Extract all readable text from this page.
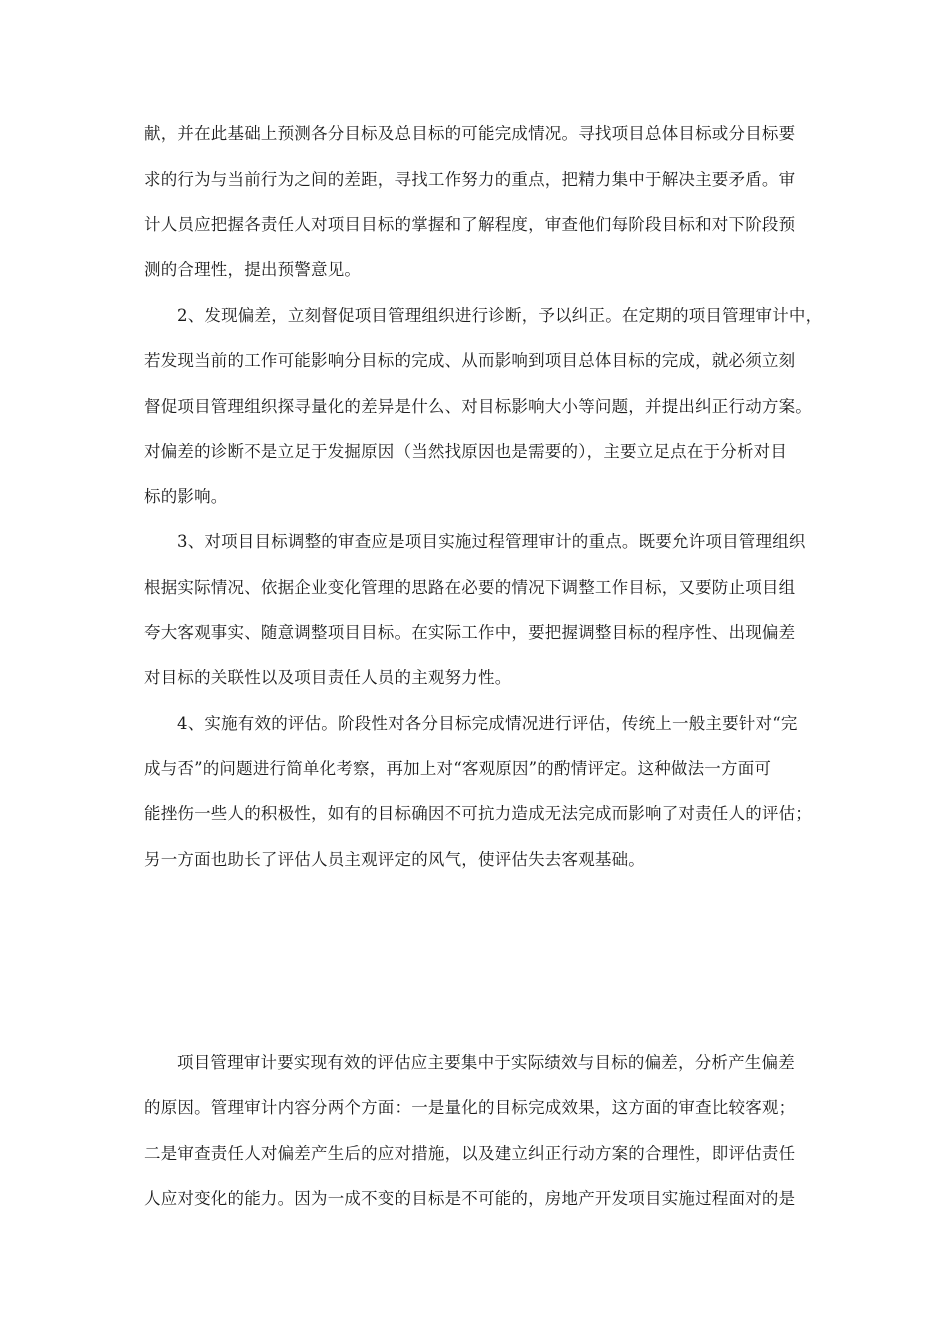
献，并在此基础上预测各分目标及总目标的可能完成情况。寻找项目总体目标或分目标要
求的行为与当前行为之间的差距，寻找工作努力的重点，把精力集中于解决主要矛盾。审
计人员应把握各责任人对项目目标的掌握和了解程度，审查他们每阶段目标和对下阶段预
测的合理性，提出预警意见。
2、发现偏差，立刻督促项目管理组织进行诊断，予以纠正。在定期的项目管理审计中，
若发现当前的工作可能影响分目标的完成、从而影响到项目总体目标的完成，就必须立刻
督促项目管理组织探寻量化的差异是什么、对目标影响大小等问题，并提出纠正行动方案。
对偏差的诊断不是立足于发掘原因（当然找原因也是需要的），主要立足点在于分析对目
标的影响。
3、对项目目标调整的审查应是项目实施过程管理审计的重点。既要允许项目管理组织
根据实际情况、依据企业变化管理的思路在必要的情况下调整工作目标，又要防止项目组
夸大客观事实、随意调整项目目标。在实际工作中，要把握调整目标的程序性、出现偏差
对目标的关联性以及项目责任人员的主观努力性。
4、实施有效的评估。阶段性对各分目标完成情况进行评估，传统上一般主要针对“完
成与否”的问题进行简单化考察，再加上对“客观原因”的酌情评定。这种做法一方面可
能挫伤一些人的积极性，如有的目标确因不可抗力造成无法完成而影响了对责任人的评估；
另一方面也助长了评估人员主观评定的风气，使评估失去客观基础。
项目管理审计要实现有效的评估应主要集中于实际绩效与目标的偏差，分析产生偏差
的原因。管理审计内容分两个方面：一是量化的目标完成效果，这方面的审查比较客观；
二是审查责任人对偏差产生后的应对措施，以及建立纠正行动方案的合理性，即评估责任
人应对变化的能力。因为一成不变的目标是不可能的，房地产开发项目实施过程面对的是
